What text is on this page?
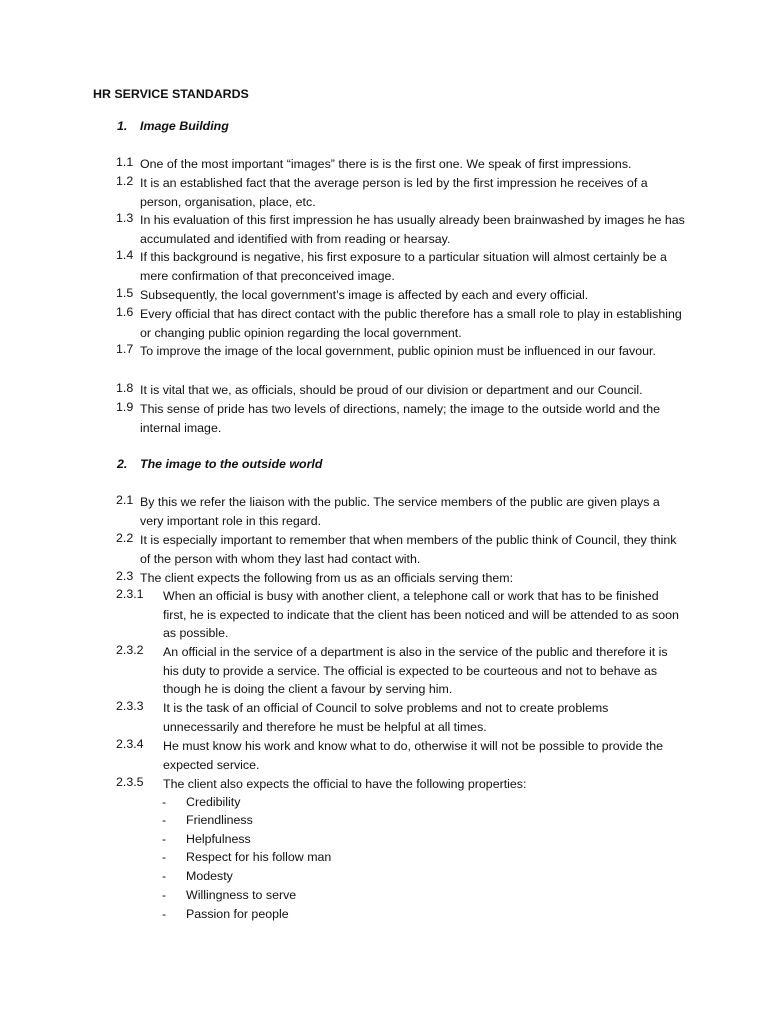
HR SERVICE STANDARDS
1. Image Building
1.1 One of the most important “images” there is is the first one. We speak of first impressions.
1.2 It is an established fact that the average person is led by the first impression he receives of a person, organisation, place, etc.
1.3 In his evaluation of this first impression he has usually already been brainwashed by images he has accumulated and identified with from reading or hearsay.
1.4 If this background is negative, his first exposure to a particular situation will almost certainly be a mere confirmation of that preconceived image.
1.5 Subsequently, the local government’s image is affected by each and every official.
1.6 Every official that has direct contact with the public therefore has a small role to play in establishing or changing public opinion regarding the local government.
1.7 To improve the image of the local government, public opinion must be influenced in our favour.
1.8 It is vital that we, as officials, should be proud of our division or department and our Council.
1.9 This sense of pride has two levels of directions, namely; the image to the outside world and the internal image.
2. The image to the outside world
2.1 By this we refer the liaison with the public. The service members of the public are given plays a very important role in this regard.
2.2 It is especially important to remember that when members of the public think of Council, they think of the person with whom they last had contact with.
2.3 The client expects the following from us as an officials serving them:
2.3.1 When an official is busy with another client, a telephone call or work that has to be finished first, he is expected to indicate that the client has been noticed and will be attended to as soon as possible.
2.3.2 An official in the service of a department is also in the service of the public and therefore it is his duty to provide a service. The official is expected to be courteous and not to behave as though he is doing the client a favour by serving him.
2.3.3 It is the task of an official of Council to solve problems and not to create problems unnecessarily and therefore he must be helpful at all times.
2.3.4 He must know his work and know what to do, otherwise it will not be possible to provide the expected service.
2.3.5 The client also expects the official to have the following properties:
- Credibility
- Friendliness
- Helpfulness
- Respect for his follow man
- Modesty
- Willingness to serve
- Passion for people
